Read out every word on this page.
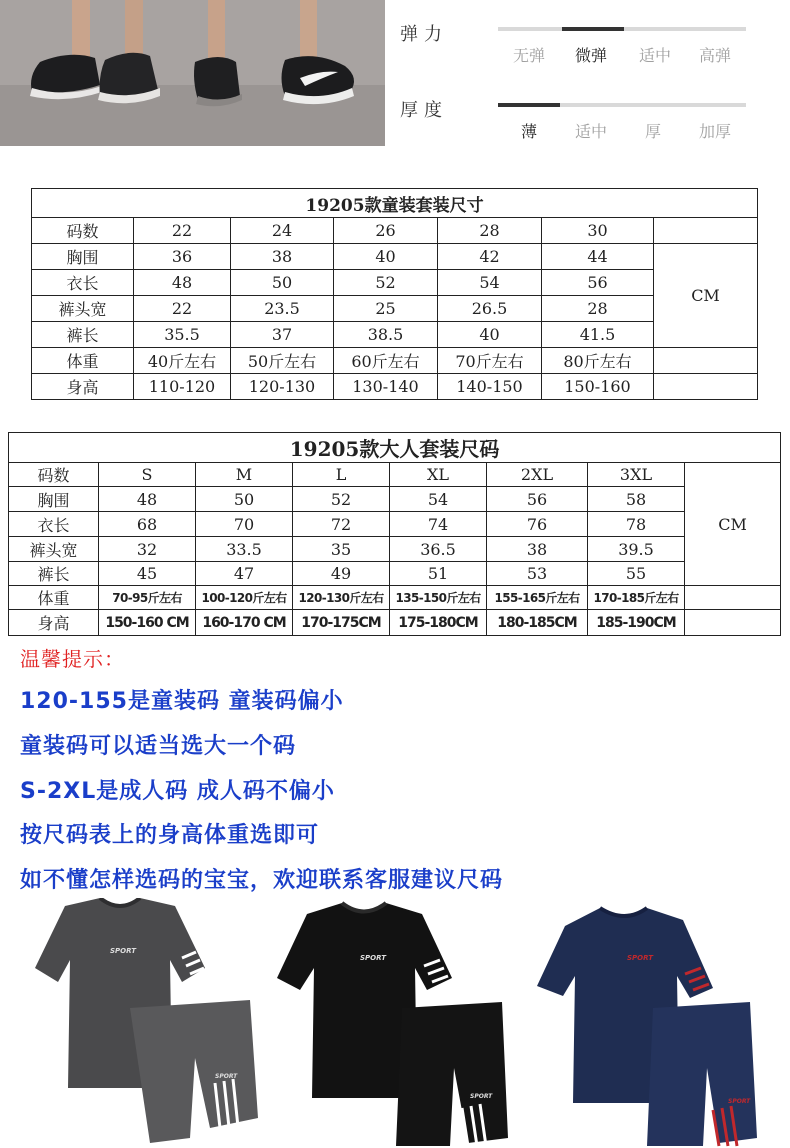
弹力
无弹	微弹	适中	高弹
厚度
薄	适中	厚	加厚
19205款童装套装尺寸						
码数	22	24	26	28	30	
胸围	36	38	40	42	44	CM
衣长	48	50	52	54	56	
裤头宽	22	23.5	25	26.5	28	
裤长	35.5	37	38.5	40	41.5	
体重	40斤左右	50斤左右	60斤左右	70斤左右	80斤左右	
身高	110-120	120-130	130-140	140-150	150-160	
19205款大人套装尺码							
码数	S	M	L	XL	2XL	3XL	CM
胸围	48	50	52	54	56	58	
衣长	68	70	72	74	76	78	
裤头宽	32	33.5	35	36.5	38	39.5	
裤长	45	47	49	51	53	55	
体重	70-95斤左右	100-120斤左右	120-130斤左右	135-150斤左右	155-165斤左右	170-185斤左右	
身高	150-160 CM	160-170 CM	170-175CM	175-180CM	180-185CM	185-190CM	
温馨提示：
120-155是童装码 童装码偏小
童装码可以适当选大一个码
S-2XL是成人码 成人码不偏小
按尺码表上的身高体重选即可
如不懂怎样选码的宝宝，欢迎联系客服建议尺码
SPORT
SPORT
SPORT
SPORT
SPORT
SPORT
